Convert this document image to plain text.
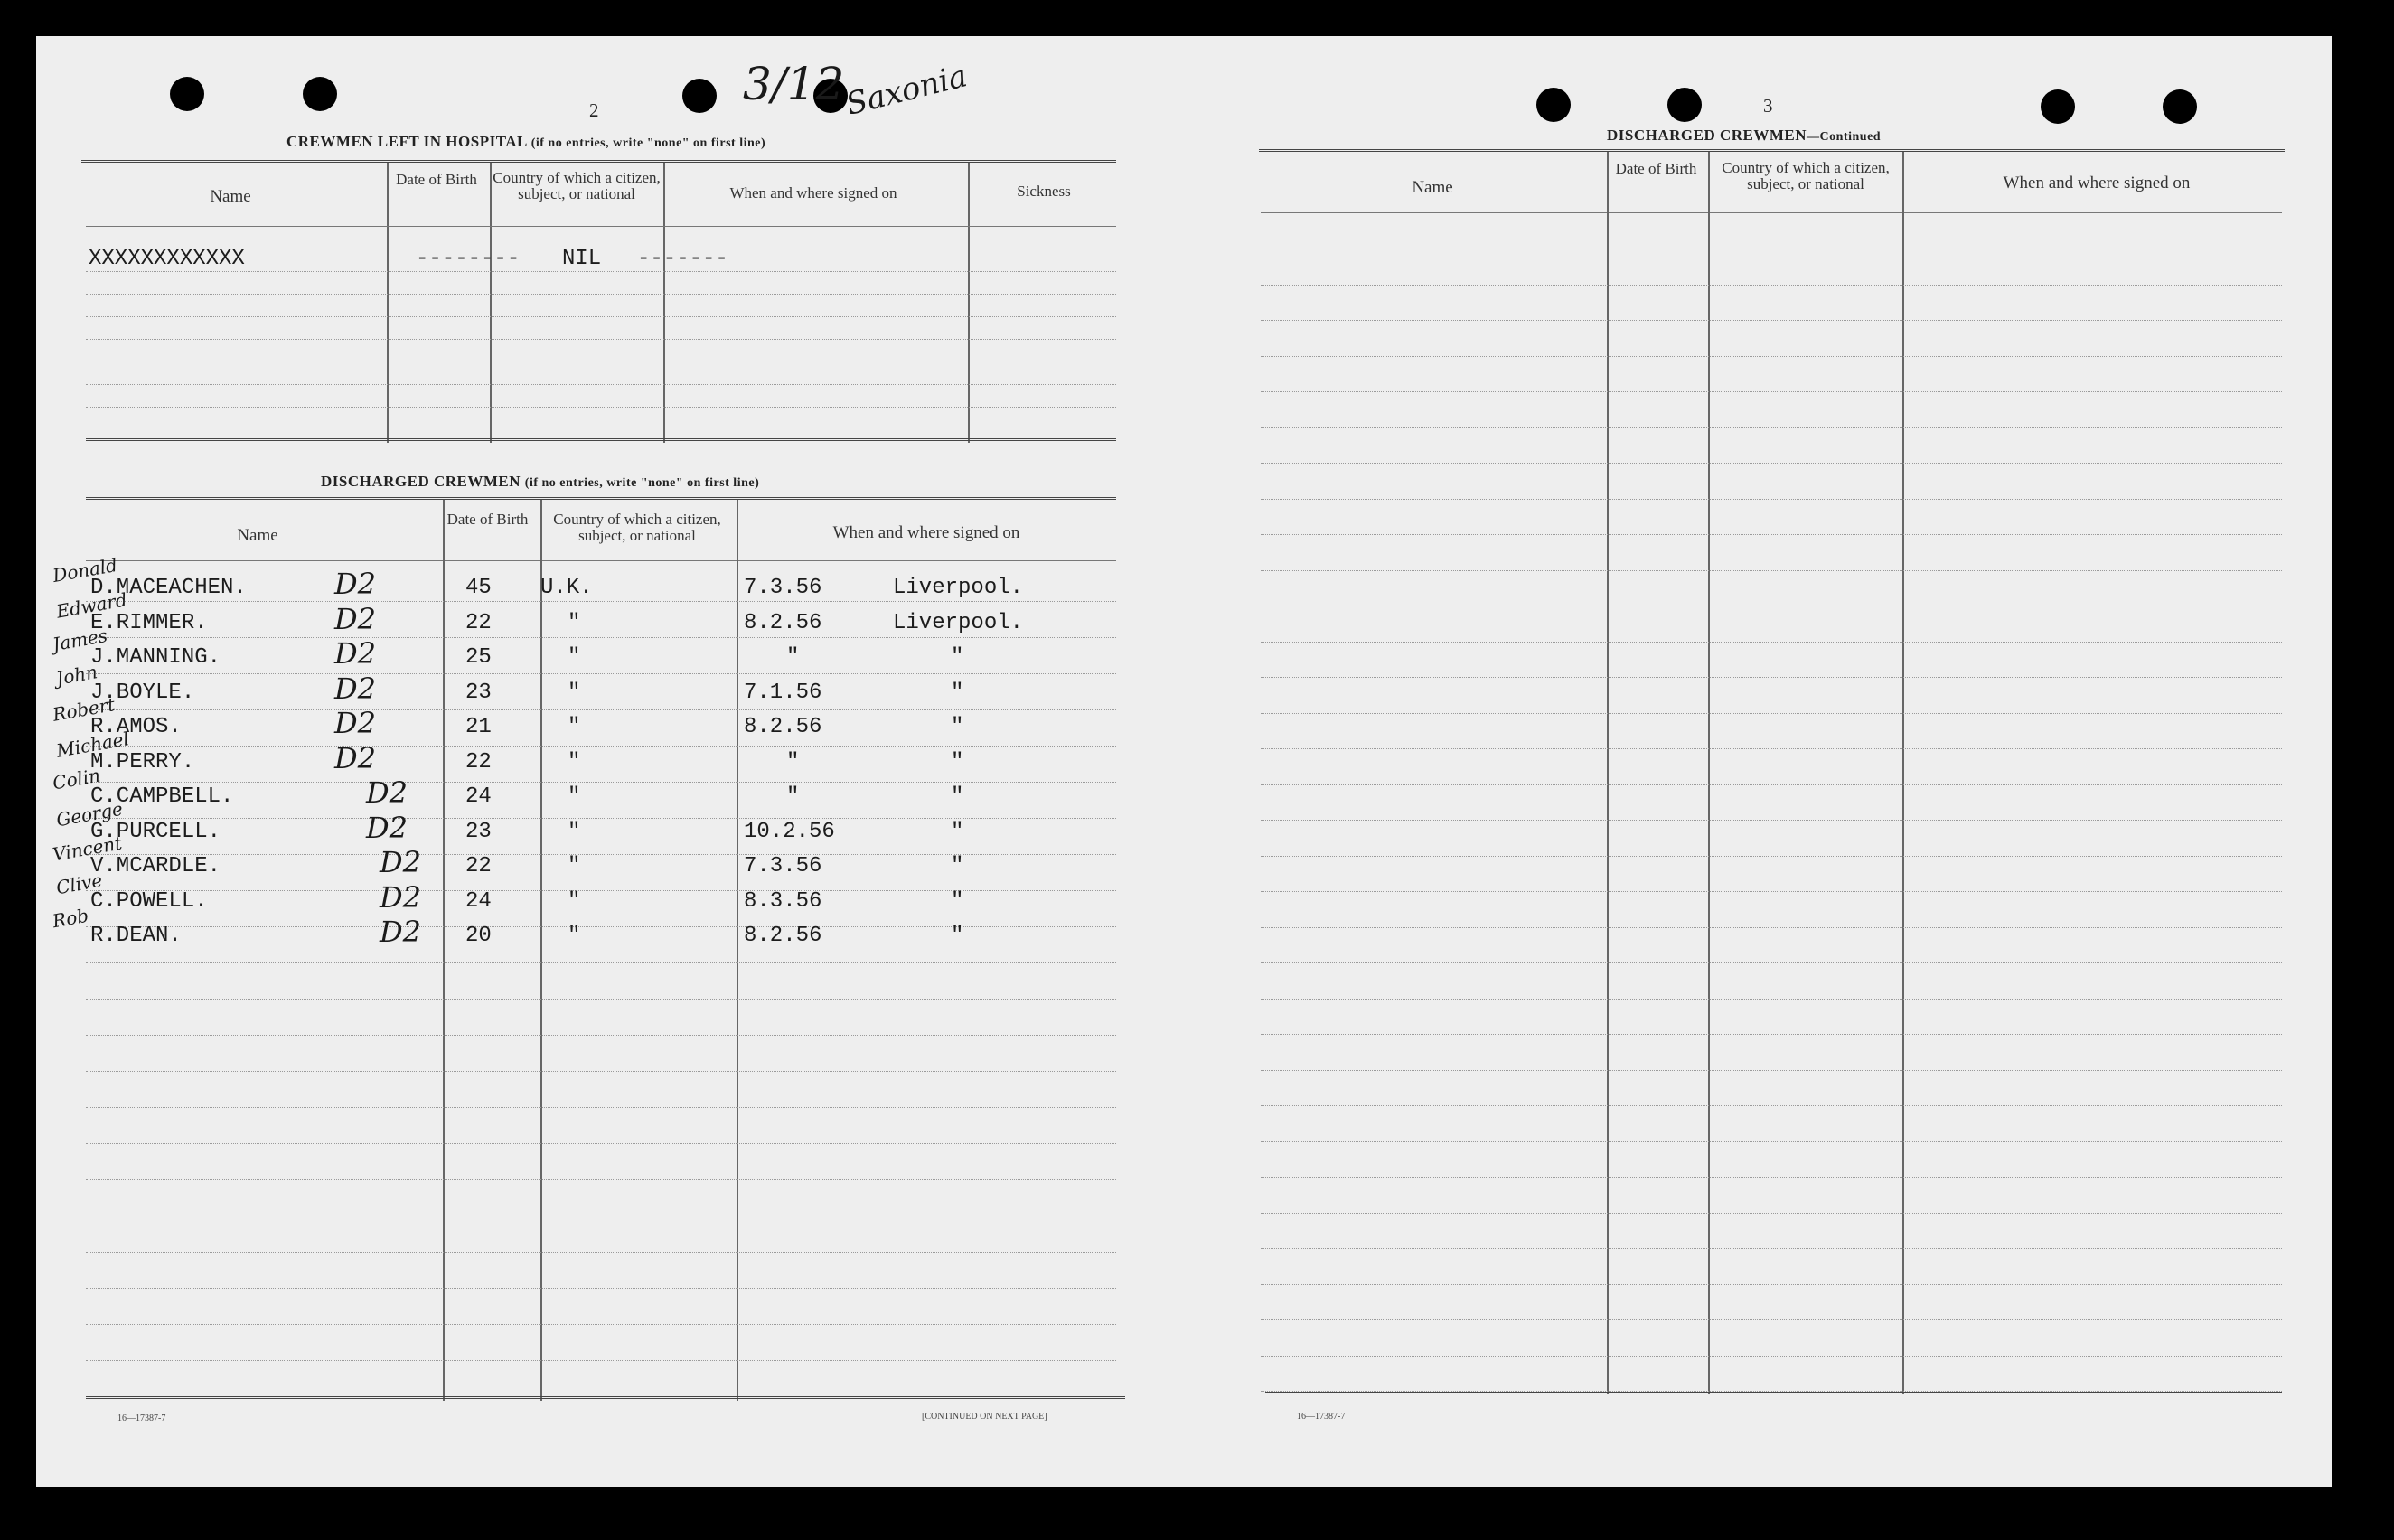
2	3/12
Saxonia
CREWMEN LEFT IN HOSPITAL (if no entries, write "none" on first line)
Name
Date of Birth Country of which a citizen, subject, or national	When and where signed on	Sickness
XXXXXXXXXXXX	-------- NIL -------
DISCHARGED CREWMEN (if no entries, write "none" on first line)
Name
Date of Birth	Country of which a citizen, subject, or national	When and where signed on
Donald
D.MACEACHEN.	D2	45 U.K.	7.3.56	Liverpool.
Edward
E.RIMMER.	D2	22	"	8.2.56	Liverpool.
James
J.MANNING.	D2	25	"	"	"
John
J.BOYLE.	D2	23	"	7.1.56	"
Robert
R.AMOS.	D2	21	"	8.2.56	"
Michael
M.PERRY.	D2	22	"	"	"
Colin
C.CAMPBELL.	D2	24	"	"	"
George
G.PURCELL.	D2	23	"	10.2.56	"
Vincent
V.MCARDLE.	D2 22	"	7.3.56	"
Clive
C.POWELL.	D2 24	"	8.3.56	"
Rob
R.DEAN.	D2 20	"	8.2.56	"
16—17387-7	[CONTINUED ON NEXT PAGE]
3
DISCHARGED CREWMEN—Continued
Name
Date of Birth	Country of which a citizen, subject, or national	When and where signed on
16—17387-7
